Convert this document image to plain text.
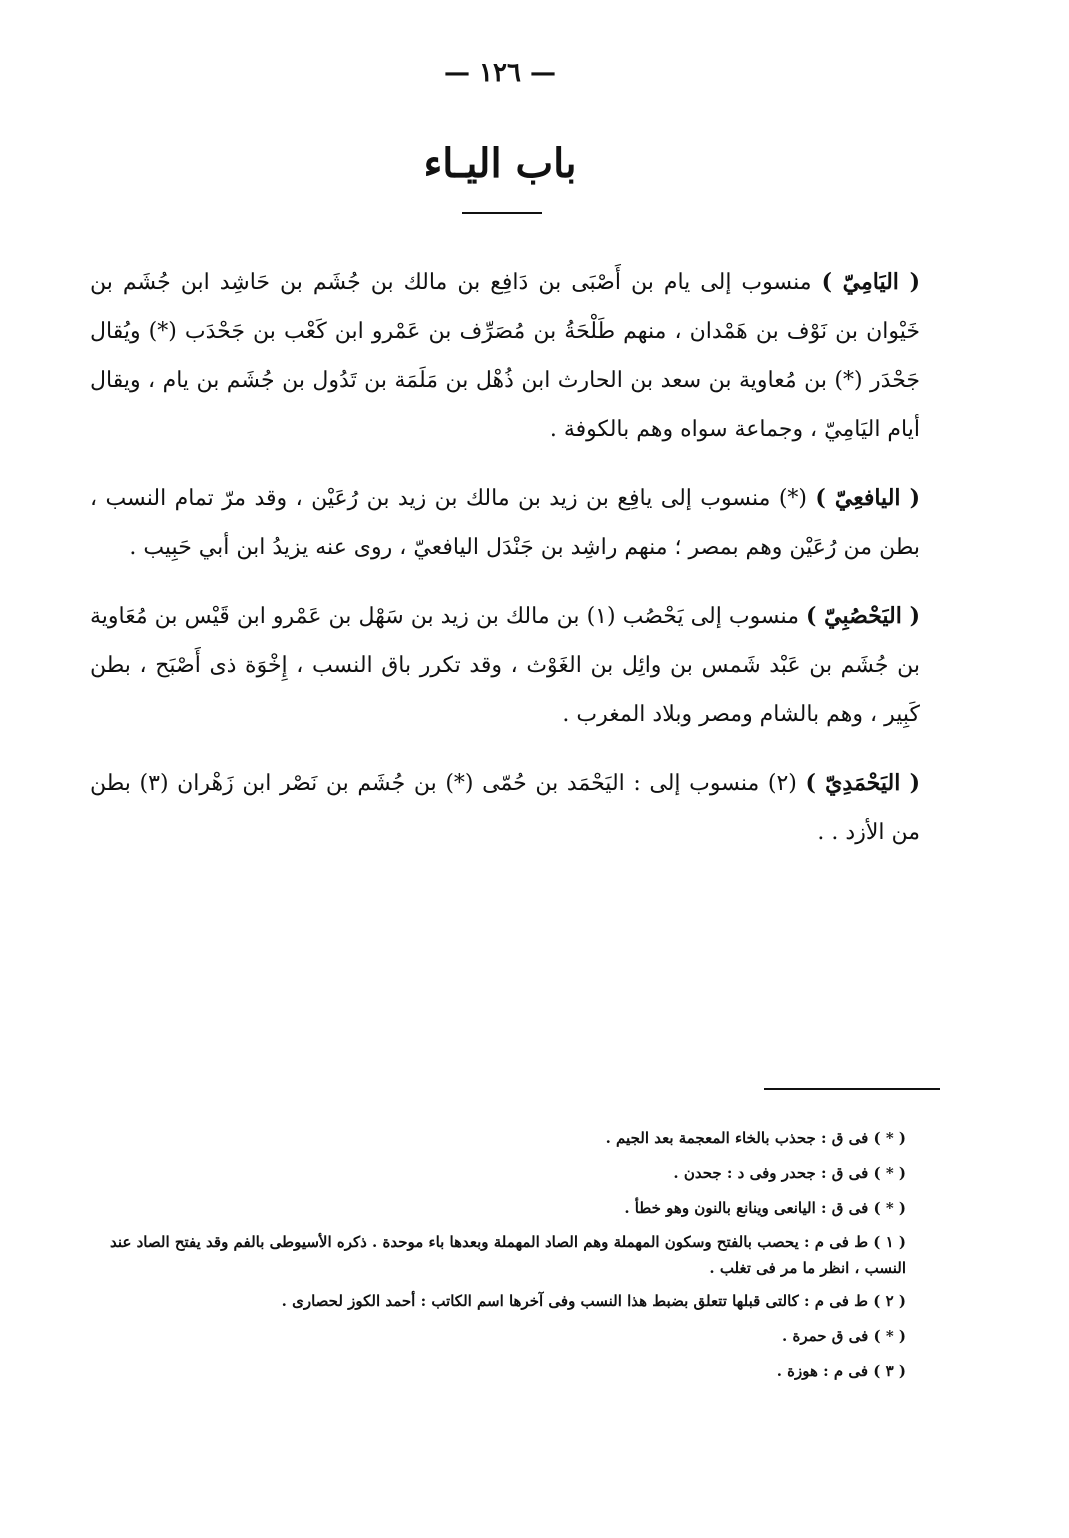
— ١٢٦ —
باب اليـاء

( اليَامِيّ ) منسوب إلى يام بن أَصْبَى بن دَافِع بن مالك بن جُشَم بن حَاشِد ابن جُشَم بن خَيْوان بن نَوْف بن هَمْدان ، منهم طَلْحَةُ بن مُصَرِّف بن عَمْرو ابن كَعْب بن جَحْدَب (*) ويُقال جَحْدَر (*) بن مُعاوية بن سعد بن الحارث ابن ذُهْل بن مَلَمَة بن تَدُول بن جُشَم بن يام ، ويقال أيام اليَامِيّ ، وجماعة سواه وهم بالكوفة .

( اليافعِيّ ) (*) منسوب إلى يافِع بن زيد بن مالك بن زيد بن رُعَيْن ، وقد مرّ تمام النسب ، بطن من رُعَيْن وهم بمصر ؛ منهم راشِد بن جَنْدَل اليافعيّ ، روى عنه يزيدُ ابن أبي حَبِيب .

( اليَحْصُبِيّ ) منسوب إلى يَحْصُب (١) بن مالك بن زيد بن سَهْل بن عَمْرو ابن قَيْس بن مُعَاوية بن جُشَم بن عَبْد شَمس بن وائِل بن الغَوْث ، وقد تكرر باق النسب ، إِخْوَة ذى أَصْبَح ، بطن كَبِير ، وهم بالشام ومصر وبلاد المغرب .

( اليَحْمَدِيّ ) (٢) منسوب إلى : اليَحْمَد بن حُمّى (*) بن جُشَم بن نَصْر ابن زَهْران (٣) بطن من الأزد . .

( * ) فى ق : جحذب بالخاء المعجمة بعد الجيم .
( * ) فى ق : جحدر وفى د : جحدن .
( * ) فى ق : اليانعى وينانع بالنون وهو خطأ .
( ١ ) ط فى م : يحصب بالفتح وسكون المهملة وهم الصاد المهملة وبعدها باء موحدة . ذكره الأسيوطى بالفم وقد يفتح الصاد عند النسب ، انظر ما مر فى تغلب .
( ٢ ) ط فى م : كالتى قبلها تتعلق بضبط هذا النسب وفى آخرها اسم الكاتب : أحمد الكوز لحصارى .
( * ) فى ق حمرة .
( ٣ ) فى م : هوزة .
